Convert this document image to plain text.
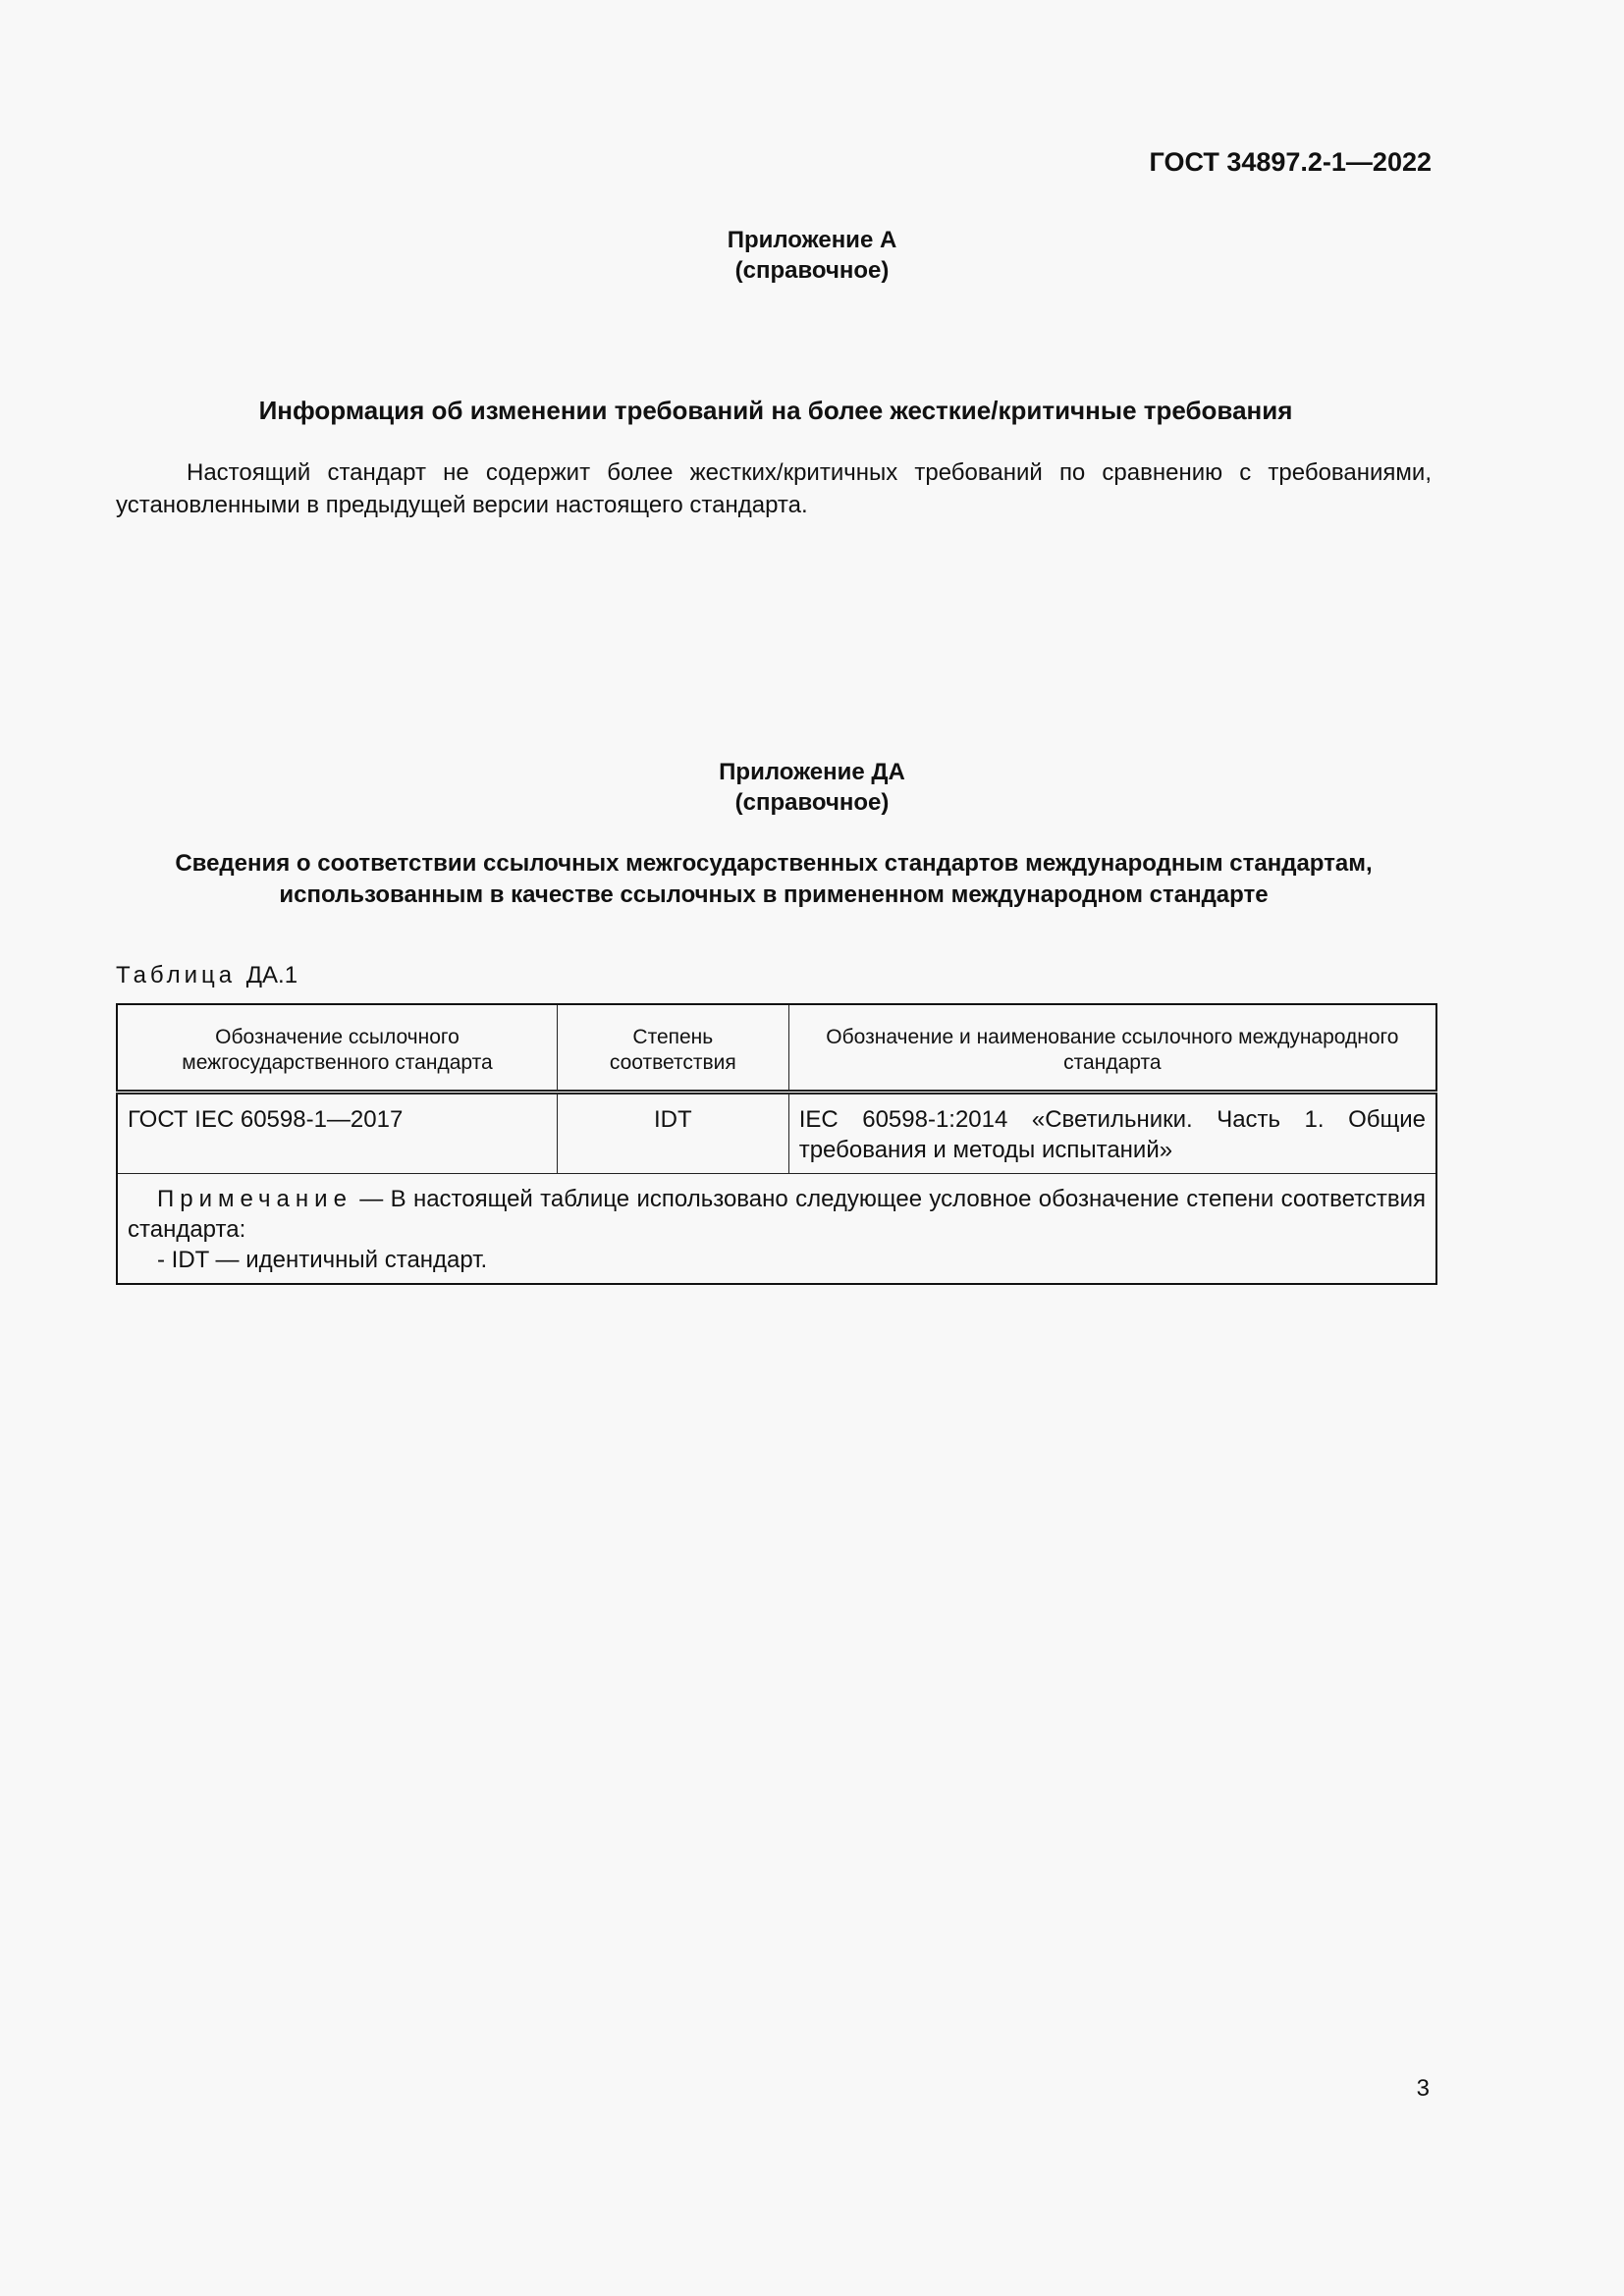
ГОСТ 34897.2-1—2022
Приложение А
(справочное)
Информация об изменении требований на более жесткие/критичные требования
Настоящий стандарт не содержит более жестких/критичных требований по сравнению с требованиями, установленными в предыдущей версии настоящего стандарта.
Приложение ДА
(справочное)
Сведения о соответствии ссылочных межгосударственных стандартов международным стандартам,
использованным в качестве ссылочных в примененном международном стандарте
Таблица ДА.1
Обозначение ссылочного межгосударственного стандарта	Степень соответствия	Обозначение и наименование ссылочного международного стандарта
ГОСТ IEC 60598-1—2017	IDT	IEC 60598-1:2014 «Светильники. Часть 1. Общие требования и методы испытаний»

Примечание — В настоящей таблице использовано следующее условное обозначение степени соответствия стандарта:
- IDT — идентичный стандарт.		
3
